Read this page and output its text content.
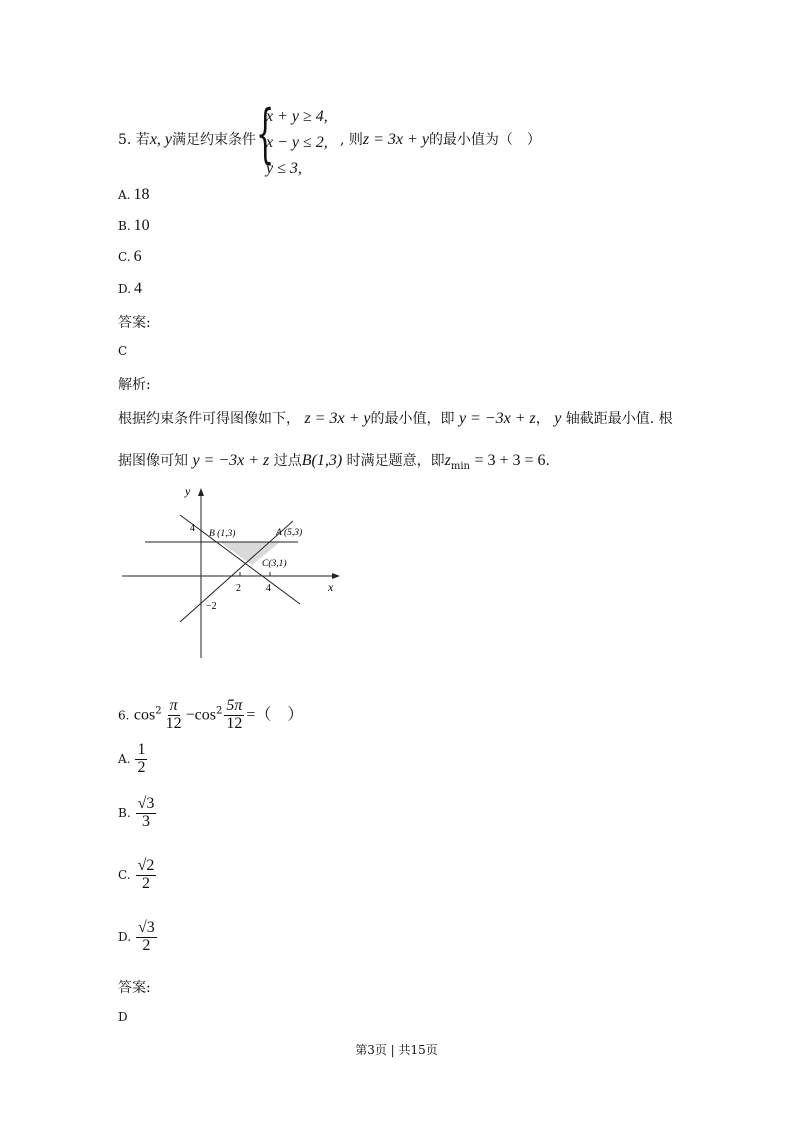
5. 若x, y满足约束条件 {
x + y ≥ 4,
x − y ≤ 2,
y ≤ 3,
, 则z = 3x + y的最小值为（　）
A. 18
B. 10
C. 6
D. 4
答案:
C
解析:
根据约束条件可得图像如下， z = 3x + y的最小值，即 y = −3x + z， y 轴截距最小值. 根
据图像可知 y = −3x + z 过点B(1,3) 时满足题意，即$z_{min} = 3 + 3 = 6$.
y
x
4
2	4
−2
B (1,3)	A (5,3)
C(3,1)
6. $\cos^2 \frac{\pi}{12} -\cos^2 \frac{5\pi}{12}$ =（　）
A. $\frac{1}{2}$
B. $\frac{√3}{3}$
C. $\frac{√2}{2}$
D. $\frac{√3}{2}$
答案:
D
第3页 | 共15页
